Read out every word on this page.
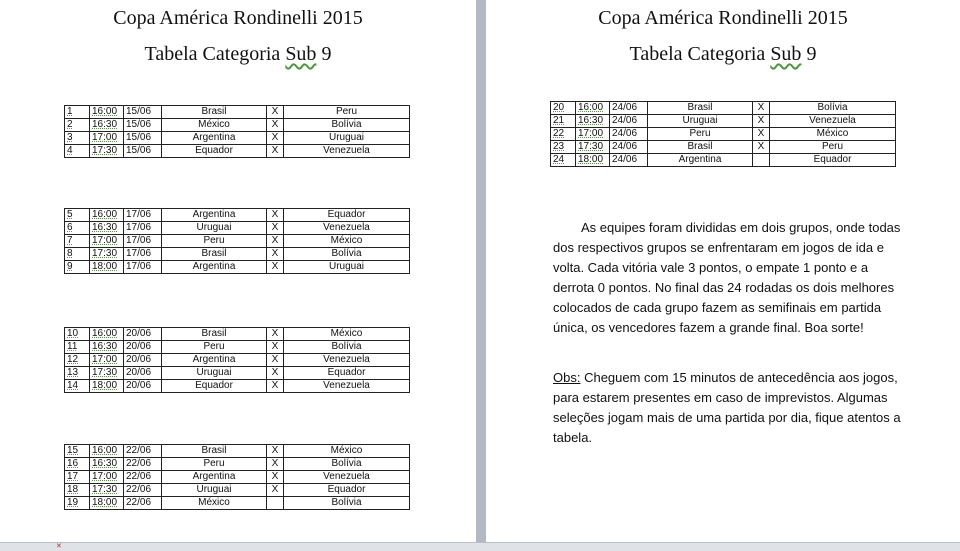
Copa América Rondinelli 2015
Tabela Categoria Sub 9
1	16:00	15/06	Brasil	X	Peru
2	16:30	15/06	México	X	Bolívia
3	17:00	15/06	Argentina	X	Uruguai
4	17:30	15/06	Equador	X	Venezuela
5	16:00	17/06	Argentina	X	Equador
6	16:30	17/06	Uruguai	X	Venezuela
7	17:00	17/06	Peru	X	México
8	17:30	17/06	Brasil	X	Bolívia
9	18:00	17/06	Argentina	X	Uruguai
10	16:00	20/06	Brasil	X	México
11	16:30	20/06	Peru	X	Bolívia
12	17:00	20/06	Argentina	X	Venezuela
13	17:30	20/06	Uruguai	X	Equador
14	18:00	20/06	Equador	X	Venezuela
15	16:00	22/06	Brasil	X	México
16	16:30	22/06	Peru	X	Bolívia
17	17:00	22/06	Argentina	X	Venezuela
18	17:30	22/06	Uruguai	X	Equador
19	18:00	22/06	México		Bolívia
Copa América Rondinelli 2015
Tabela Categoria Sub 9
20	16:00	24/06	Brasil	X	Bolívia
21	16:30	24/06	Uruguai	X	Venezuela
22	17:00	24/06	Peru	X	México
23	17:30	24/06	Brasil	X	Peru
24	18:00	24/06	Argentina		Equador

As equipes foram divididas em dois grupos, onde todas dos respectivos grupos se enfrentaram em jogos de ida e volta. Cada vitória vale 3 pontos, o empate 1 ponto e a derrota 0 pontos. No final das 24 rodadas os dois melhores colocados de cada grupo fazem as semifinais em partida única, os vencedores fazem a grande final. Boa sorte!

Obs: Cheguem com 15 minutos de antecedência aos jogos, para estarem presentes em caso de imprevistos. Algumas seleções jogam mais de uma partida por dia, fique atentos a tabela.

✕
